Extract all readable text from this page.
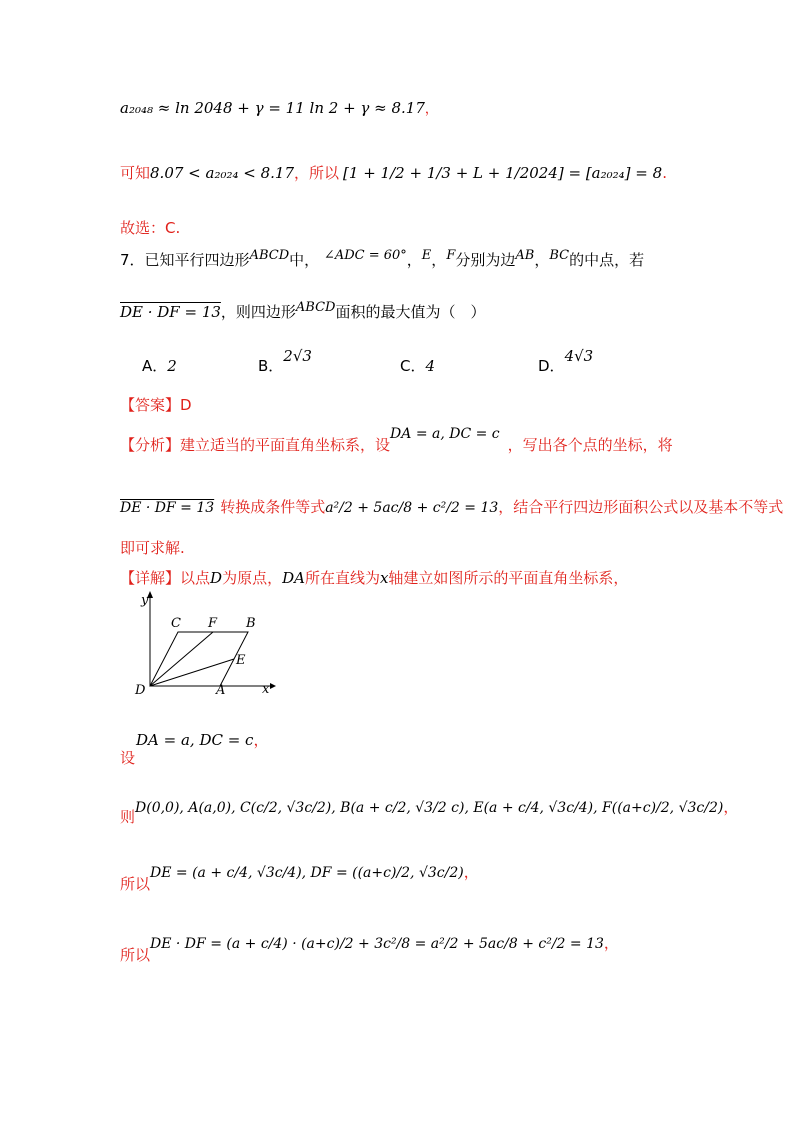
a₂₀₄₈ ≈ ln 2048 + γ = 11 ln 2 + γ ≈ 8.17，
可知8.07 < a₂₀₂₄ < 8.17，所以 [1 + 1/2 + 1/3 + L + 1/2024] = [a₂₀₂₄] = 8.
故选：C.
7．已知平行四边形ABCD中， ∠ADC = 60°，E，F分别为边AB，BC的中点，若
DE · DF = 13，则四边形ABCD面积的最大值为（　）
A．2	B．2√3
C．4	D．4√3
【答案】D
【分析】建立适当的平面直角坐标系，设DA = a, DC = c，写出各个点的坐标，将
DE · DF = 13 转换成条件等式a²/2 + 5ac/8 + c²/2 = 13，结合平行四边形面积公式以及基本不等式
即可求解.
【详解】以点D为原点，DA所在直线为x轴建立如图所示的平面直角坐标系，
y
x
C F B
E
D	A
DA = a, DC = c，
设
则D(0,0), A(a,0), C(c/2, √3c/2), B(a + c/2, √3/2 c), E(a + c/4, √3c/4), F((a+c)/2, √3c/2)，
所以DE = (a + c/4, √3c/4), DF = ((a+c)/2, √3c/2)，
所以DE · DF = (a + c/4) · (a+c)/2 + 3c²/8 = a²/2 + 5ac/8 + c²/2 = 13，
